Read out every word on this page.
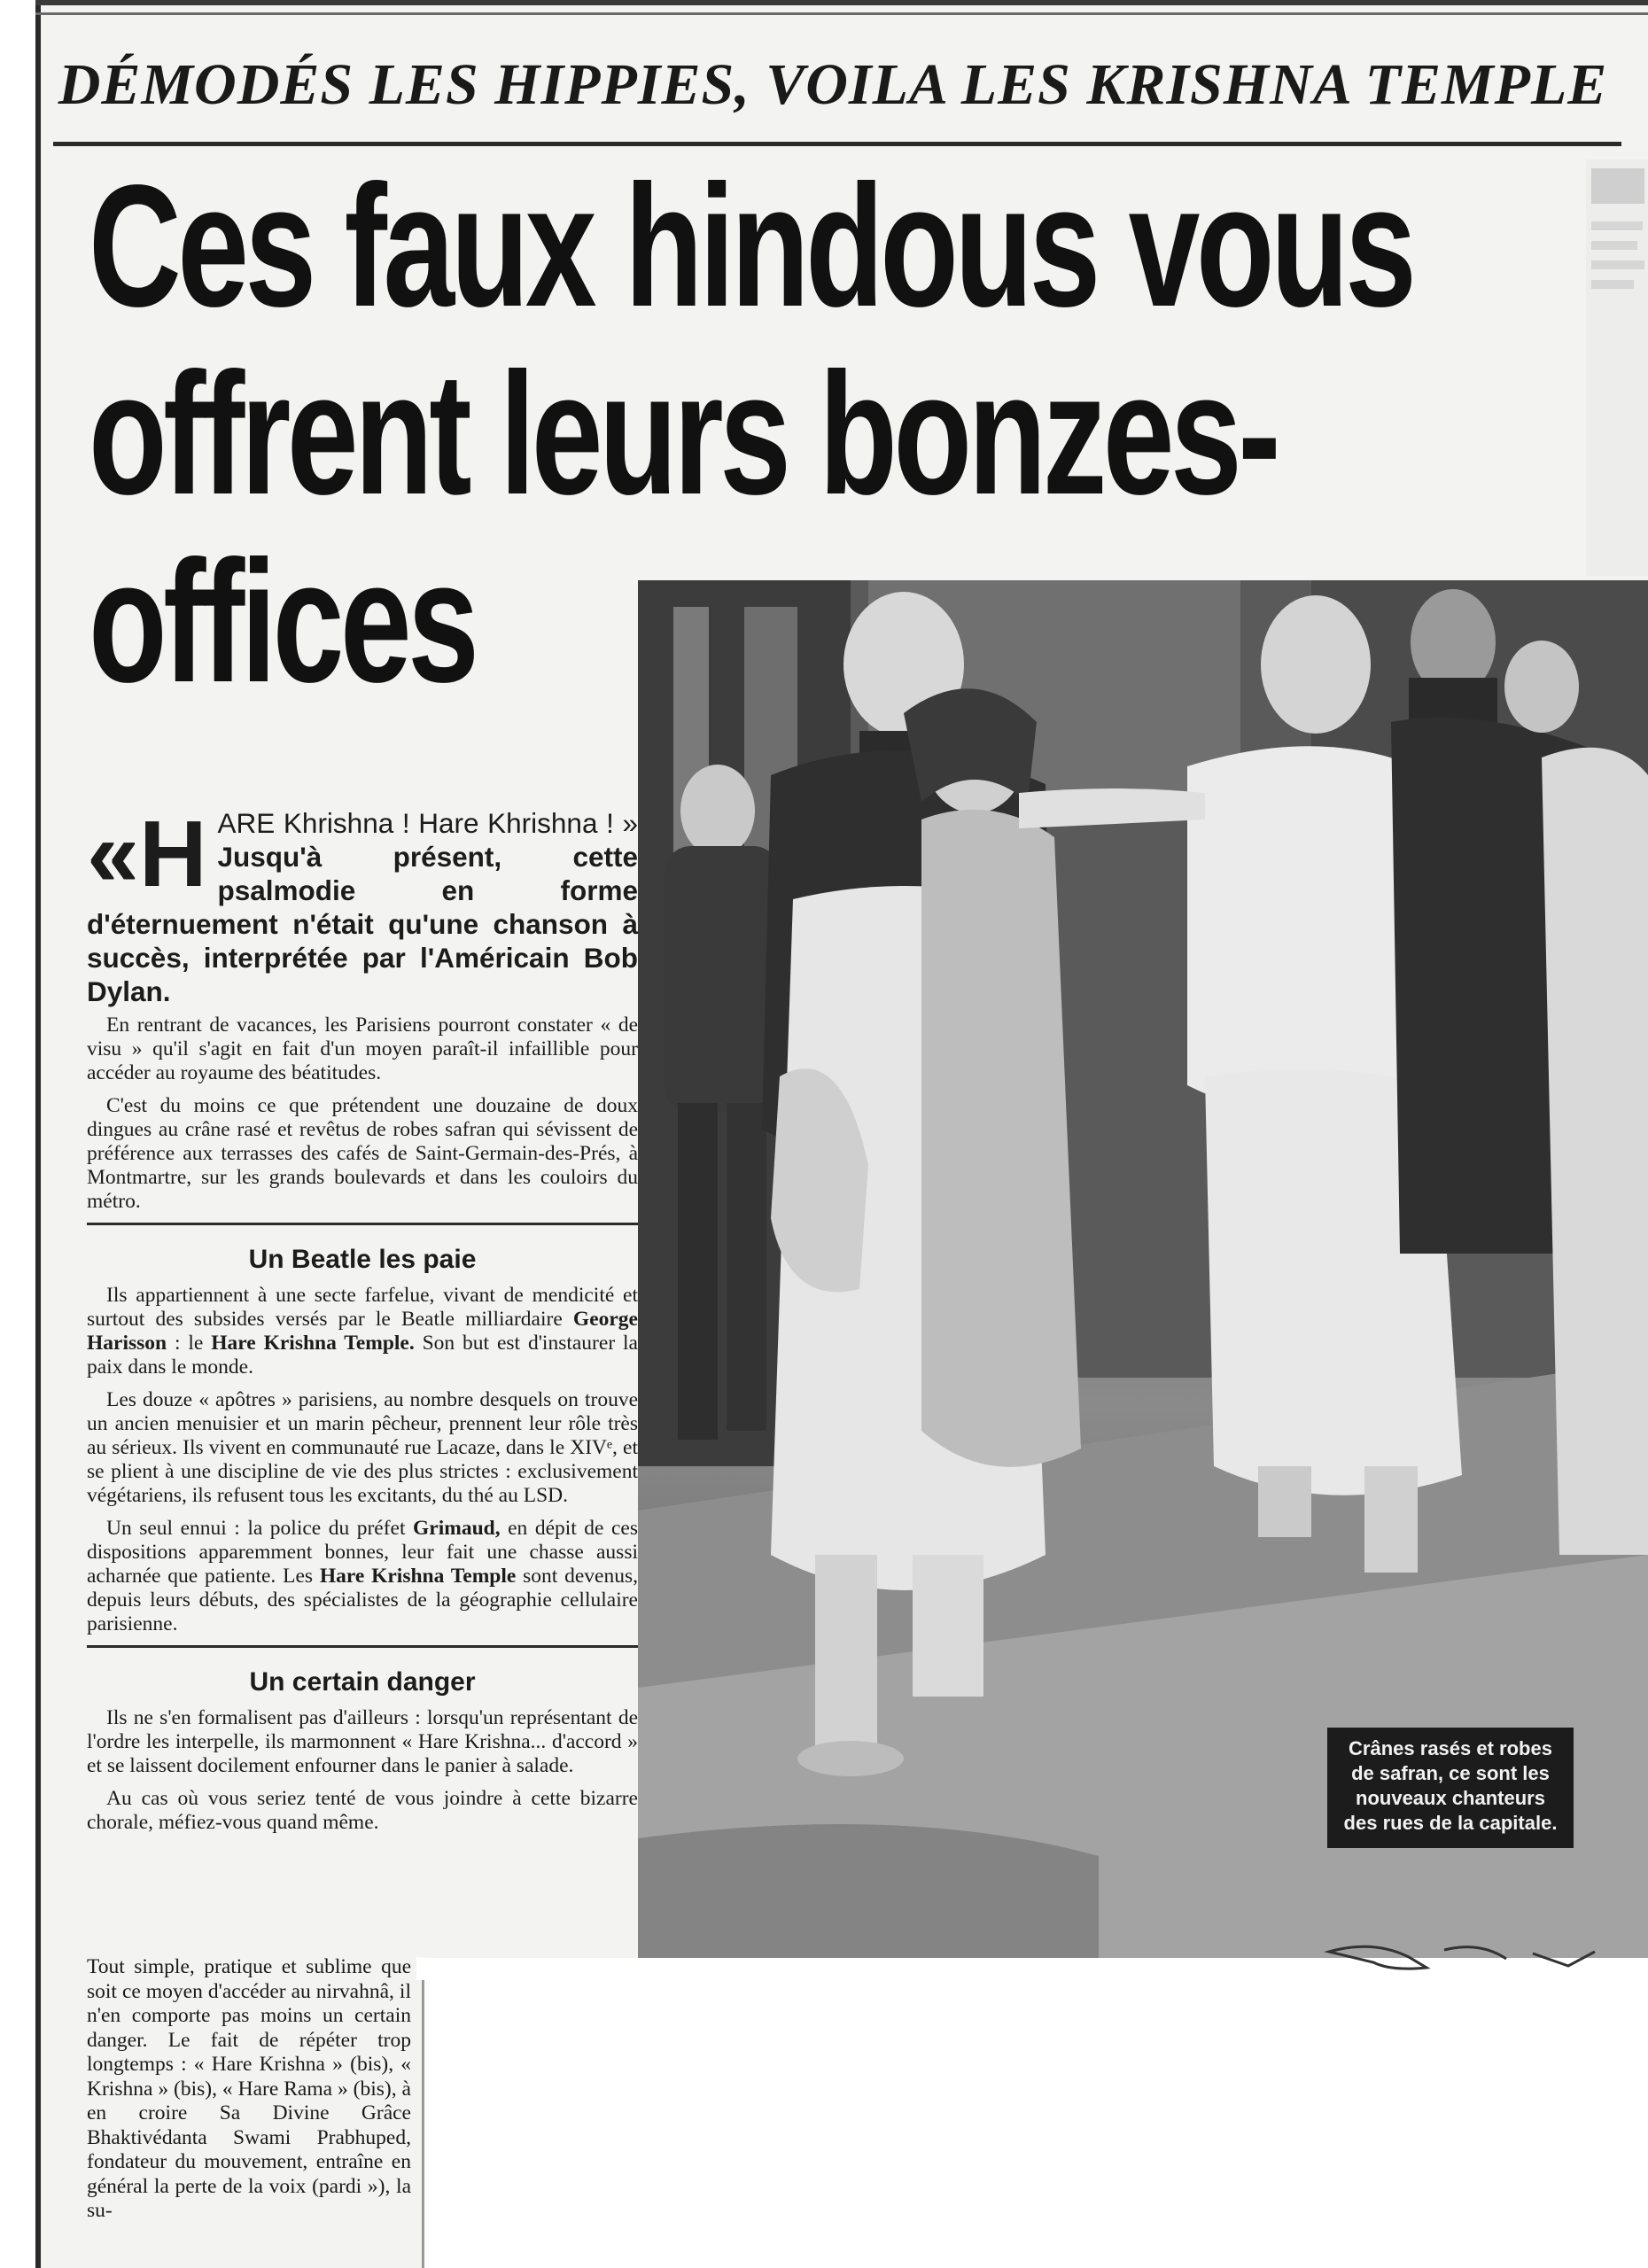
DÉMODÉS LES HIPPIES, VOILA LES KRISHNA TEMPLE
Ces faux hindous vous
offrent leurs bonzes-
offices
Crânes rasés et robes de safran, ce sont les nouveaux chanteurs des rues de la capitale.

«H ARE Khrishna ! Hare Khrishna ! » Jusqu'à présent, cette psalmodie en forme d'éternuement n'était qu'une chanson à succès, interprétée par l'Américain Bob Dylan.

En rentrant de vacances, les Parisiens pourront constater « de visu » qu'il s'agit en fait d'un moyen paraît-il infaillible pour accéder au royaume des béatitudes.

C'est du moins ce que prétendent une douzaine de doux dingues au crâne rasé et revêtus de robes safran qui sévissent de préférence aux terrasses des cafés de Saint-Germain-des-Prés, à Montmartre, sur les grands boulevards et dans les couloirs du métro.

Un Beatle les paie

Ils appartiennent à une secte farfelue, vivant de mendicité et surtout des subsides versés par le Beatle milliardaire George Harisson : le Hare Krishna Temple. Son but est d'instaurer la paix dans le monde.

Les douze « apôtres » parisiens, au nombre desquels on trouve un ancien menuisier et un marin pêcheur, prennent leur rôle très au sérieux. Ils vivent en communauté rue Lacaze, dans le XIVᵉ, et se plient à une discipline de vie des plus strictes : exclusivement végétariens, ils refusent tous les excitants, du thé au LSD.

Un seul ennui : la police du préfet Grimaud, en dépit de ces dispositions apparemment bonnes, leur fait une chasse aussi acharnée que patiente. Les Hare Krishna Temple sont devenus, depuis leurs débuts, des spécialistes de la géographie cellulaire parisienne.

Un certain danger

Ils ne s'en formalisent pas d'ailleurs : lorsqu'un représentant de l'ordre les interpelle, ils marmonnent « Hare Krishna... d'accord » et se laissent docilement enfourner dans le panier à salade.

Au cas où vous seriez tenté de vous joindre à cette bizarre chorale, méfiez-vous quand même.

Tout simple, pratique et sublime que soit ce moyen d'accéder au nirvahnâ, il n'en comporte pas moins un certain danger. Le fait de répéter trop longtemps : « Hare Krishna » (bis), « Krishna » (bis), « Hare Rama » (bis), à en croire Sa Divine Grâce Bhaktivédanta Swami Prabhuped, fondateur du mouvement, entraîne en général la perte de la voix (pardi »), la su-
